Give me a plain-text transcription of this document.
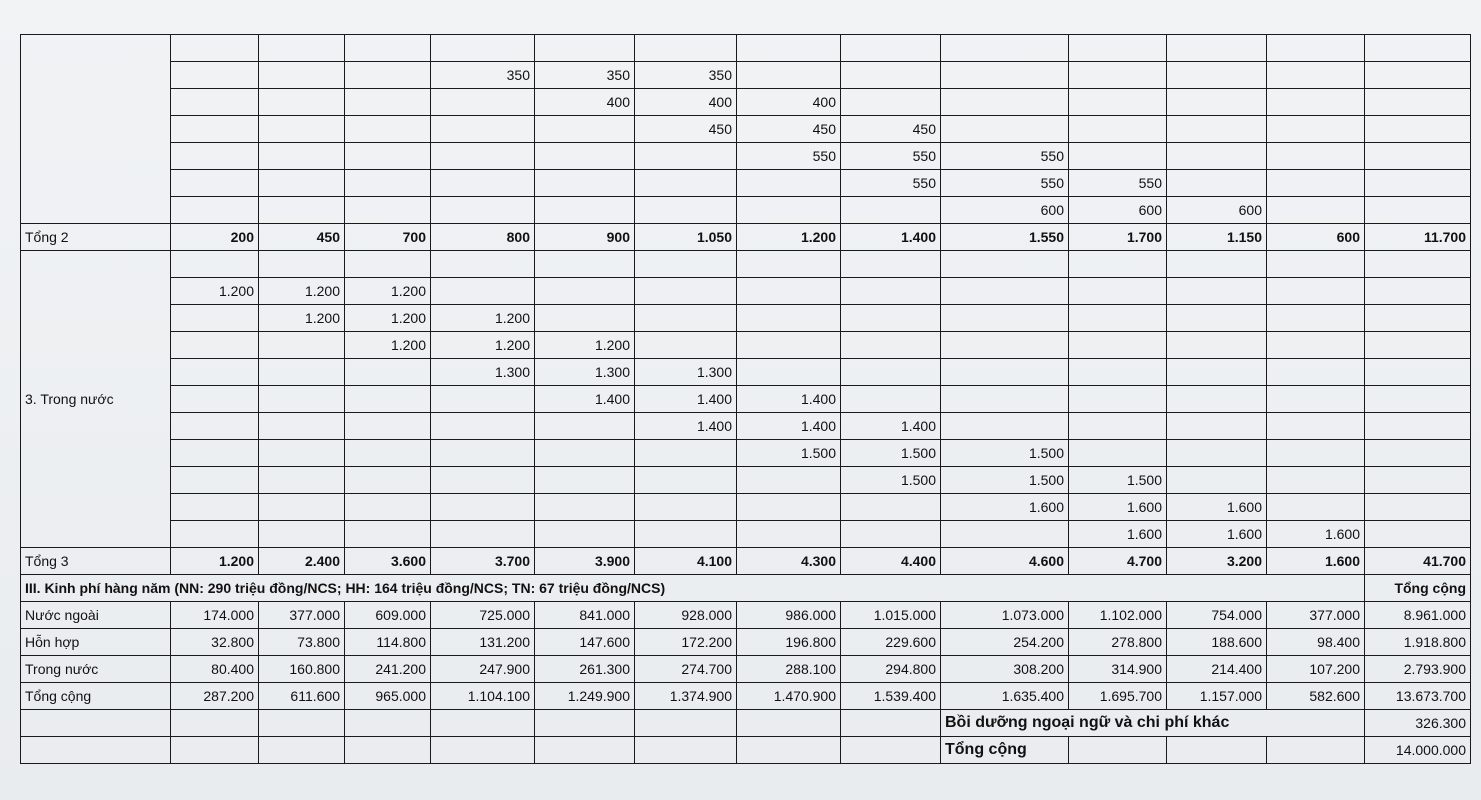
				350	350	350							
					400	400	400						
						450	450	450					
							550	550	550				
								550	550	550			
									600	600	600		
Tổng 2	200	450	700	800	900	1.050	1.200	1.400	1.550	1.700	1.150	600	11.700
3. Trong nước													
	1.200	1.200	1.200										
		1.200	1.200	1.200									
			1.200	1.200	1.200								
				1.300	1.300	1.300							
					1.400	1.400	1.400						
						1.400	1.400	1.400					
							1.500	1.500	1.500				
								1.500	1.500	1.500			
									1.600	1.600	1.600		
										1.600	1.600	1.600	
Tổng 3	1.200	2.400	3.600	3.700	3.900	4.100	4.300	4.400	4.600	4.700	3.200	1.600	41.700
III. Kinh phí hàng năm (NN: 290 triệu đồng/NCS; HH: 164 triệu đồng/NCS; TN: 67 triệu đồng/NCS)													Tổng cộng
Nước ngoài	174.000	377.000	609.000	725.000	841.000	928.000	986.000	1.015.000	1.073.000	1.102.000	754.000	377.000	8.961.000
Hỗn hợp	32.800	73.800	114.800	131.200	147.600	172.200	196.800	229.600	254.200	278.800	188.600	98.400	1.918.800
Trong nước	80.400	160.800	241.200	247.900	261.300	274.700	288.100	294.800	308.200	314.900	214.400	107.200	2.793.900
Tổng cộng	287.200	611.600	965.000	1.104.100	1.249.900	1.374.900	1.470.900	1.539.400	1.635.400	1.695.700	1.157.000	582.600	13.673.700
									Bồi dưỡng ngoại ngữ và chi phí khác				326.300
									Tổng cộng				14.000.000
